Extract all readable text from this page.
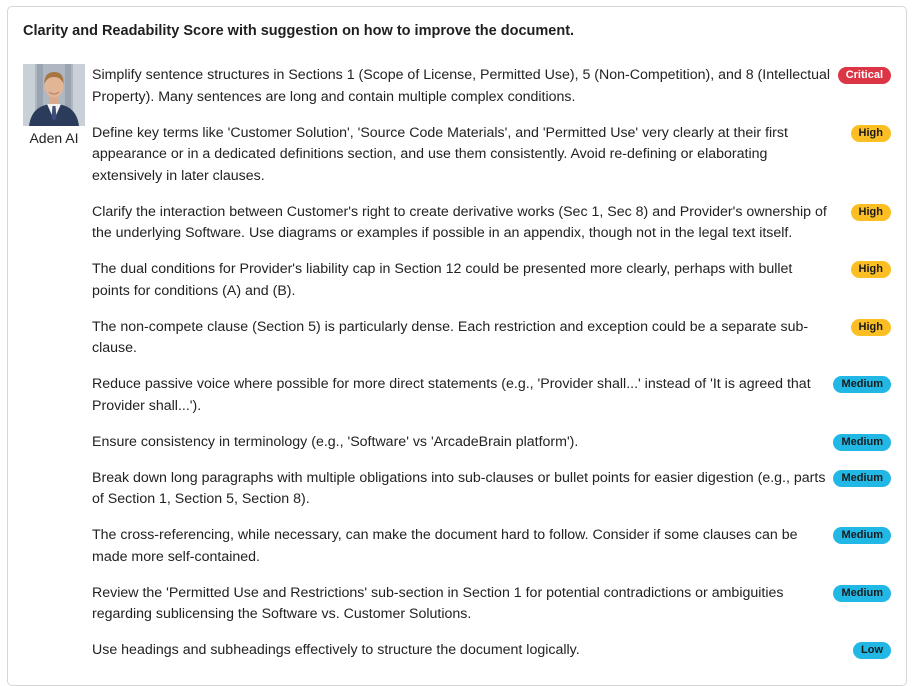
Clarity and Readability Score with suggestion on how to improve the document.
Aden AI
Simplify sentence structures in Sections 1 (Scope of License, Permitted Use), 5 (Non-Competition), and 8 (Intellectual Property). Many sentences are long and contain multiple complex conditions.
Critical
Define key terms like 'Customer Solution', 'Source Code Materials', and 'Permitted Use' very clearly at their first appearance or in a dedicated definitions section, and use them consistently. Avoid re-defining or elaborating extensively in later clauses.
High
Clarify the interaction between Customer's right to create derivative works (Sec 1, Sec 8) and Provider's ownership of the underlying Software. Use diagrams or examples if possible in an appendix, though not in the legal text itself.
High
The dual conditions for Provider's liability cap in Section 12 could be presented more clearly, perhaps with bullet points for conditions (A) and (B).
High
The non-compete clause (Section 5) is particularly dense. Each restriction and exception could be a separate sub-clause.
High
Reduce passive voice where possible for more direct statements (e.g., 'Provider shall...' instead of 'It is agreed that Provider shall...').
Medium
Ensure consistency in terminology (e.g., 'Software' vs 'ArcadeBrain platform').	Medium
Break down long paragraphs with multiple obligations into sub-clauses or bullet points for easier digestion (e.g., parts of Section 1, Section 5, Section 8).
Medium
The cross-referencing, while necessary, can make the document hard to follow. Consider if some clauses can be made more self-contained.
Medium
Review the 'Permitted Use and Restrictions' sub-section in Section 1 for potential contradictions or ambiguities regarding sublicensing the Software vs. Customer Solutions.
Medium
Use headings and subheadings effectively to structure the document logically.	Low
